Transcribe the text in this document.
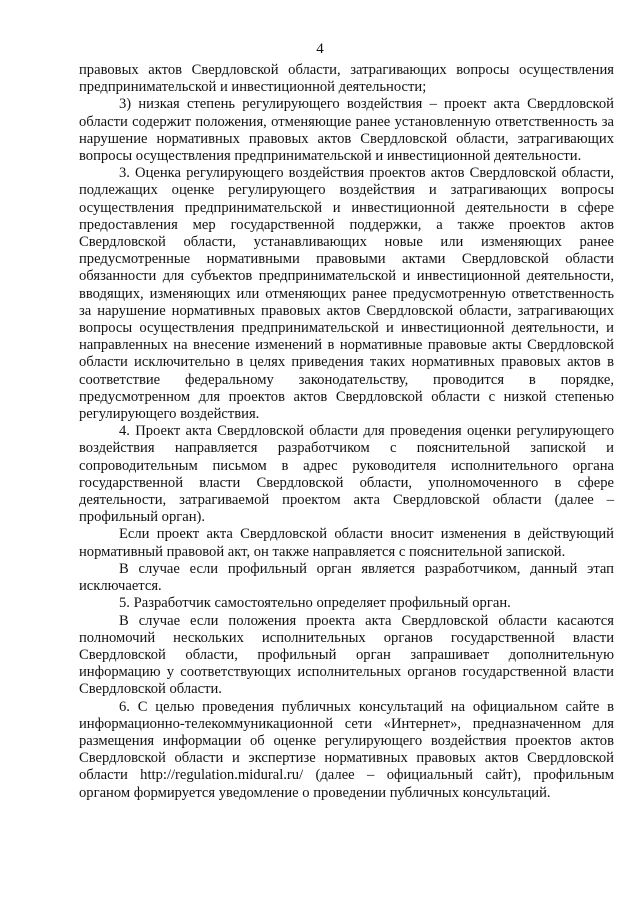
4

правовых актов Свердловской области, затрагивающих вопросы осуществления предпринимательской и инвестиционной деятельности;

3) низкая степень регулирующего воздействия – проект акта Свердловской области содержит положения, отменяющие ранее установленную ответственность за нарушение нормативных правовых актов Свердловской области, затрагивающих вопросы осуществления предпринимательской и инвестиционной деятельности.

3. Оценка регулирующего воздействия проектов актов Свердловской области, подлежащих оценке регулирующего воздействия и затрагивающих вопросы осуществления предпринимательской и инвестиционной деятельности в сфере предоставления мер государственной поддержки, а также проектов актов Свердловской области, устанавливающих новые или изменяющих ранее предусмотренные нормативными правовыми актами Свердловской области обязанности для субъектов предпринимательской и инвестиционной деятельности, вводящих, изменяющих или отменяющих ранее предусмотренную ответственность за нарушение нормативных правовых актов Свердловской области, затрагивающих вопросы осуществления предпринимательской и инвестиционной деятельности, и направленных на внесение изменений в нормативные правовые акты Свердловской области исключительно в целях приведения таких нормативных правовых актов в соответствие федеральному законодательству, проводится в порядке, предусмотренном для проектов актов Свердловской области с низкой степенью регулирующего воздействия.

4. Проект акта Свердловской области для проведения оценки регулирующего воздействия направляется разработчиком с пояснительной запиской и сопроводительным письмом в адрес руководителя исполнительного органа государственной власти Свердловской области, уполномоченного в сфере деятельности, затрагиваемой проектом акта Свердловской области (далее – профильный орган).

Если проект акта Свердловской области вносит изменения в действующий нормативный правовой акт, он также направляется с пояснительной запиской.

В случае если профильный орган является разработчиком, данный этап исключается.

5. Разработчик самостоятельно определяет профильный орган.

В случае если положения проекта акта Свердловской области касаются полномочий нескольких исполнительных органов государственной власти Свердловской области, профильный орган запрашивает дополнительную информацию у соответствующих исполнительных органов государственной власти Свердловской области.

6. С целью проведения публичных консультаций на официальном сайте в информационно-телекоммуникационной сети «Интернет», предназначенном для размещения информации об оценке регулирующего воздействия проектов актов Свердловской области и экспертизе нормативных правовых актов Свердловской области http://regulation.midural.ru/ (далее – официальный сайт), профильным органом формируется уведомление о проведении публичных консультаций.
